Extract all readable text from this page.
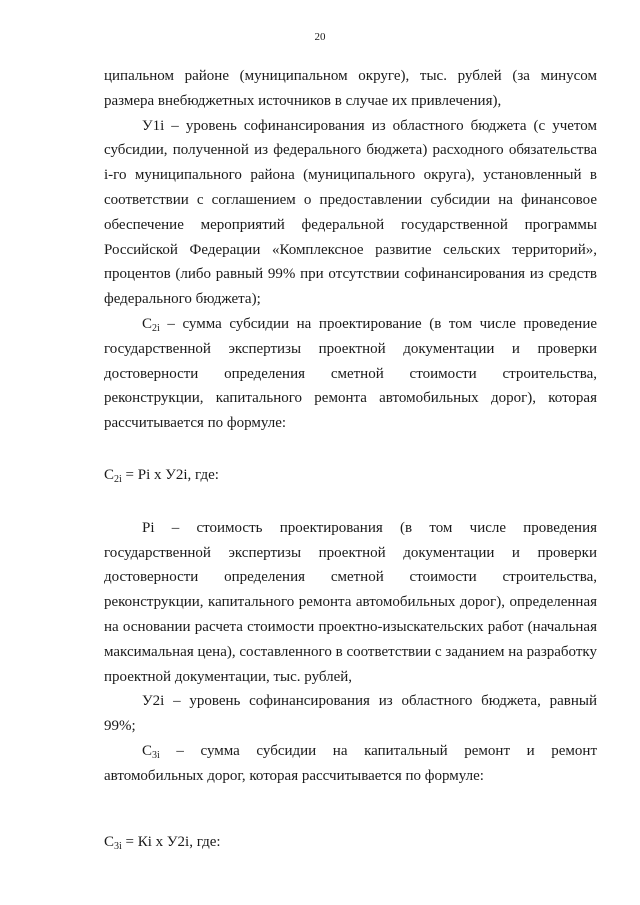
20

ципальном районе (муниципальном округе), тыс. рублей (за минусом размера внебюджетных источников в случае их привлечения),

У1i – уровень софинансирования из областного бюджета (с учетом субсидии, полученной из федерального бюджета) расходного обязательства i-го муниципального района (муниципального округа), установленный в соответствии с соглашением о предоставлении субсидии на финансовое обеспечение мероприятий федеральной государственной программы Российской Федерации «Комплексное развитие сельских территорий», процентов (либо равный 99% при отсутствии софинансирования из средств федерального бюджета);

$С_{2i}$ – сумма субсидии на проектирование (в том числе проведение государственной экспертизы проектной документации и проверки достоверности определения сметной стоимости строительства, реконструкции, капитального ремонта автомобильных дорог), которая рассчитывается по формуле:

$С_{2i}$ = Рi х У2i, где:

Рi – стоимость проектирования (в том числе проведения государственной экспертизы проектной документации и проверки достоверности определения сметной стоимости строительства, реконструкции, капитального ремонта автомобильных дорог), определенная на основании расчета стоимости проектно-изыскательских работ (начальная максимальная цена), составленного в соответствии с заданием на разработку проектной документации, тыс. рублей,

У2i – уровень софинансирования из областного бюджета, равный 99%;

$С_{3i}$ – сумма субсидии на капитальный ремонт и ремонт автомобильных дорог, которая рассчитывается по формуле:

$С_{3i}$ = Кi х У2i, где:
